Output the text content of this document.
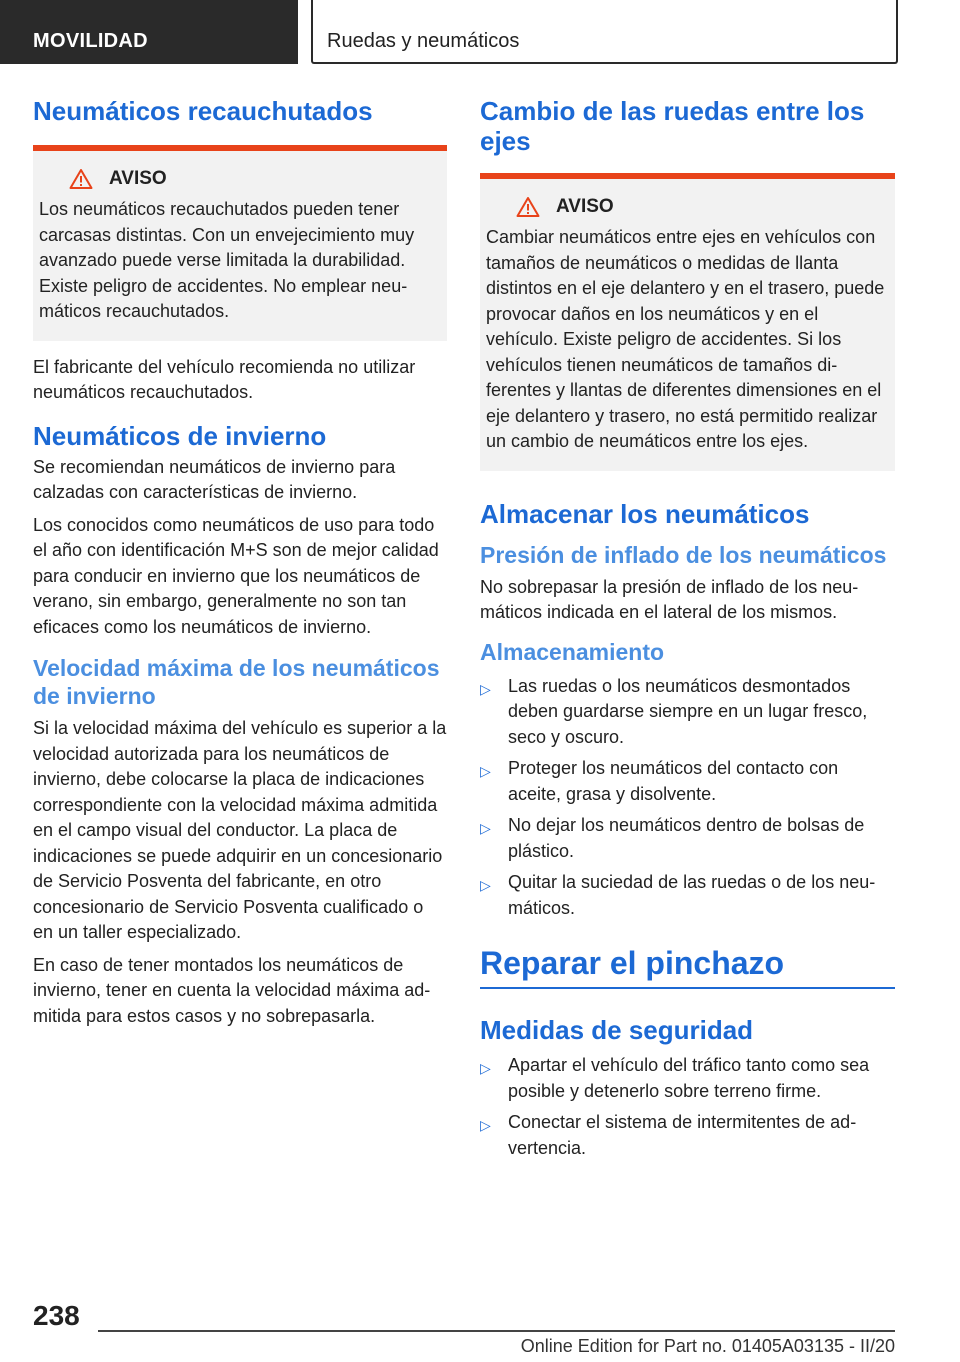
MOVILIDAD	Ruedas y neumáticos
Neumáticos recauchutados
AVISO

Los neumáticos recauchutados pueden tener carcasas distintas. Con un envejecimiento muy avanzado puede verse limitada la durabilidad. Existe peligro de accidentes. No emplear neumáticos recauchutados.

El fabricante del vehículo recomienda no utilizar neumáticos recauchutados.

Neumáticos de invierno

Se recomiendan neumáticos de invierno para calzadas con características de invierno.

Los conocidos como neumáticos de uso para todo el año con identificación M+S son de mejor calidad para conducir en invierno que los neumáticos de verano, sin embargo, generalmente no son tan eficaces como los neumáticos de invierno.

Velocidad máxima de los neumáticos de invierno

Si la velocidad máxima del vehículo es superior a la velocidad autorizada para los neumáticos de invierno, debe colocarse la placa de indicaciones correspondiente con la velocidad máxima admitida en el campo visual del conductor. La placa de indicaciones se puede adquirir en un concesionario de Servicio Posventa del fabricante, en otro concesionario de Servicio Posventa cualificado o en un taller especializado.

En caso de tener montados los neumáticos de invierno, tener en cuenta la velocidad máxima admitida para estos casos y no sobrepasarla.

Cambio de las ruedas entre los ejes
AVISO

Cambiar neumáticos entre ejes en vehículos con tamaños de neumáticos o medidas de llanta distintos en el eje delantero y en el trasero, puede provocar daños en los neumáticos y en el vehículo. Existe peligro de accidentes. Si los vehículos tienen neumáticos de tamaños diferentes y llantas de diferentes dimensiones en el eje delantero y trasero, no está permitido realizar un cambio de neumáticos entre los ejes.

Almacenar los neumáticos
Presión de inflado de los neumáticos

No sobrepasar la presión de inflado de los neumáticos indicada en el lateral de los mismos.

Almacenamiento
▷ Las ruedas o los neumáticos desmontados deben guardarse siempre en un lugar fresco, seco y oscuro.
▷ Proteger los neumáticos del contacto con aceite, grasa y disolvente.
▷ No dejar los neumáticos dentro de bolsas de plástico.
▷ Quitar la suciedad de las ruedas o de los neumáticos.
Reparar el pinchazo
Medidas de seguridad
▷ Apartar el vehículo del tráfico tanto como sea posible y detenerlo sobre terreno firme.
▷ Conectar el sistema de intermitentes de advertencia.
238
Online Edition for Part no. 01405A03135 - II/20
